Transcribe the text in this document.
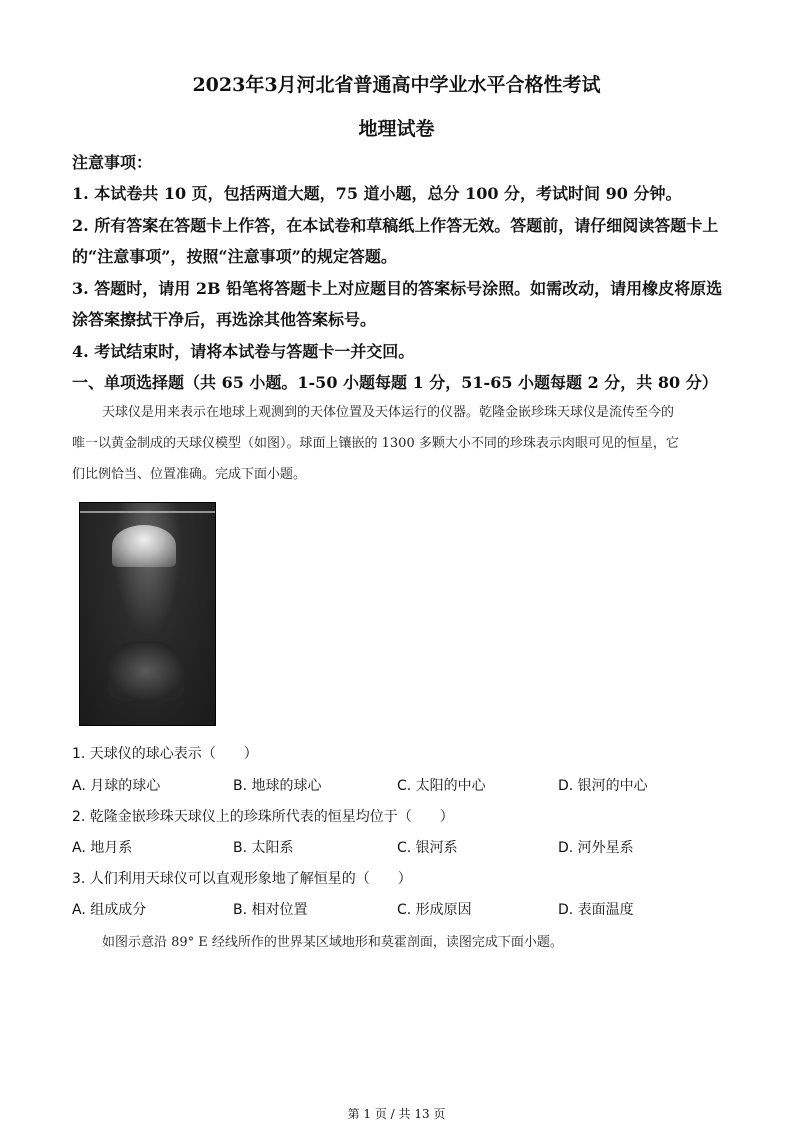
2023年3月河北省普通高中学业水平合格性考试
地理试卷
注意事项：
1. 本试卷共 10 页，包括两道大题，75 道小题，总分 100 分，考试时间 90 分钟。
2. 所有答案在答题卡上作答，在本试卷和草稿纸上作答无效。答题前，请仔细阅读答题卡上
的“注意事项”，按照“注意事项”的规定答题。
3. 答题时，请用 2B 铅笔将答题卡上对应题目的答案标号涂照。如需改动，请用橡皮将原选
涂答案擦拭干净后，再选涂其他答案标号。
4. 考试结束时，请将本试卷与答题卡一并交回。
一、单项选择题（共 65 小题。1-50 小题每题 1 分，51-65 小题每题 2 分，共 80 分）
天球仪是用来表示在地球上观测到的天体位置及天体运行的仪器。乾隆金嵌珍珠天球仪是流传至今的
唯一以黄金制成的天球仪模型（如图）。球面上镶嵌的 1300 多颗大小不同的珍珠表示肉眼可见的恒星，它
们比例恰当、位置准确。完成下面小题。
1. 天球仪的球心表示（　　）
A. 月球的球心	B. 地球的球心	C. 太阳的中心	D. 银河的中心
2. 乾隆金嵌珍珠天球仪上的珍珠所代表的恒星均位于（　　）
A. 地月系	B. 太阳系	C. 银河系	D. 河外星系
3. 人们利用天球仪可以直观形象地了解恒星的（　　）
A. 组成成分	B. 相对位置	C. 形成原因	D. 表面温度
如图示意沿 89° E 经线所作的世界某区域地形和莫霍剖面，读图完成下面小题。
第 1 页 / 共 13 页
